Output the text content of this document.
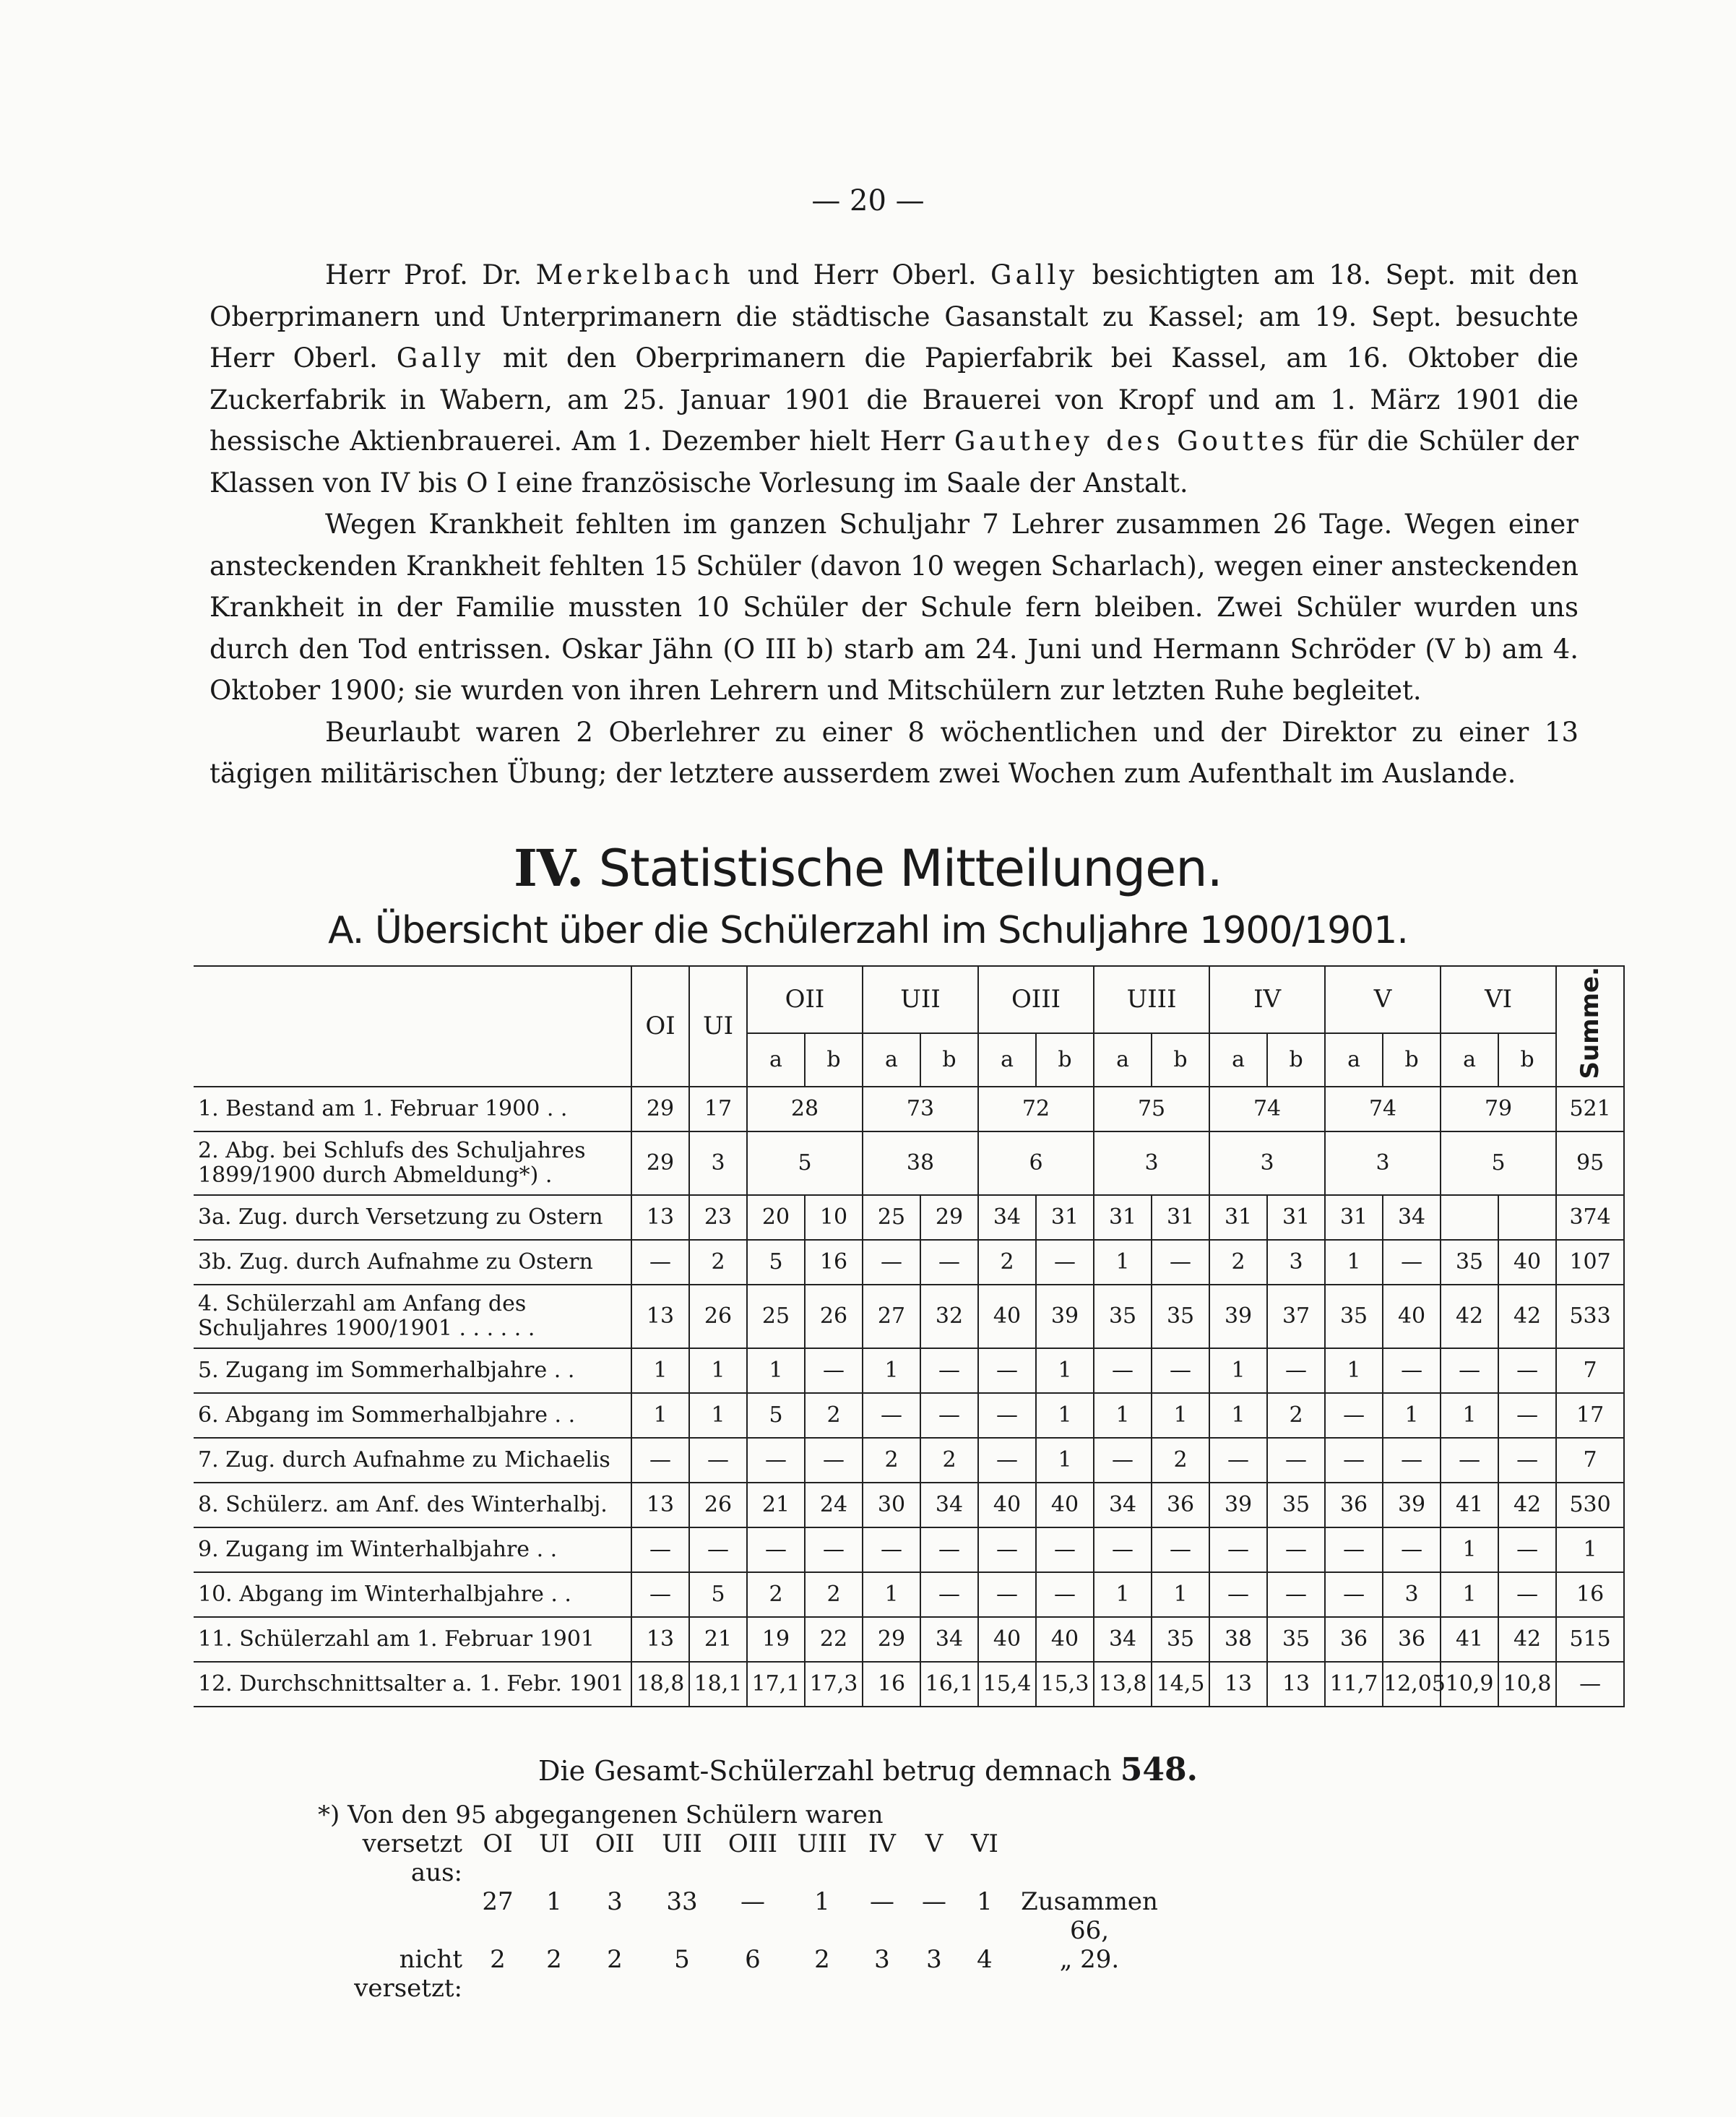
— 20 —

Herr Prof. Dr. Merkelbach und Herr Oberl. Gally besichtigten am 18. Sept. mit den Oberprimanern und Unterprimanern die städtische Gasanstalt zu Kassel; am 19. Sept. besuchte Herr Oberl. Gally mit den Oberprimanern die Papierfabrik bei Kassel, am 16. Oktober die Zuckerfabrik in Wabern, am 25. Januar 1901 die Brauerei von Kropf und am 1. März 1901 die hessische Aktienbrauerei. Am 1. Dezember hielt Herr Gauthey des Gouttes für die Schüler der Klassen von IV bis O I eine französische Vorlesung im Saale der Anstalt.

Wegen Krankheit fehlten im ganzen Schuljahr 7 Lehrer zusammen 26 Tage. Wegen einer ansteckenden Krankheit fehlten 15 Schüler (davon 10 wegen Scharlach), wegen einer ansteckenden Krankheit in der Familie mussten 10 Schüler der Schule fern bleiben. Zwei Schüler wurden uns durch den Tod entrissen. Oskar Jähn (O III b) starb am 24. Juni und Hermann Schröder (V b) am 4. Oktober 1900; sie wurden von ihren Lehrern und Mitschülern zur letzten Ruhe begleitet.

Beurlaubt waren 2 Oberlehrer zu einer 8 wöchentlichen und der Direktor zu einer 13 tägigen militärischen Übung; der letztere ausserdem zwei Wochen zum Aufenthalt im Auslande.

IV. Statistische Mitteilungen.
A. Übersicht über die Schülerzahl im Schuljahre 1900/1901.
	OI	UI	OII		UII		OIII		UIII		IV		V		VI		Summe.
			a	b	a	b	a	b	a	b	a	b	a	b	a	b	
1. Bestand am 1. Februar 1900 . .	29	17	28		73		72		75		74		74		79		521
2. Abg. bei Schlufs des Schuljahres 1899/1900 durch Abmeldung*) .	29	3	5		38		6		3		3		3		5		95
3a. Zug. durch Versetzung zu Ostern	13	23	20	10	25	29	34	31	31	31	31	31	31	34			374
3b. Zug. durch Aufnahme zu Ostern	—	2	5	16	—	—	2	—	1	—	2	3	1	—	35	40	107
4. Schülerzahl am Anfang des Schuljahres 1900/1901 . . . . . .	13	26	25	26	27	32	40	39	35	35	39	37	35	40	42	42	533
5. Zugang im Sommerhalbjahre . .	1	1	1	—	1	—	—	1	—	—	1	—	1	—	—	—	7
6. Abgang im Sommerhalbjahre . .	1	1	5	2	—	—	—	1	1	1	1	2	—	1	1	—	17
7. Zug. durch Aufnahme zu Michaelis	—	—	—	—	2	2	—	1	—	2	—	—	—	—	—	—	7
8. Schülerz. am Anf. des Winterhalbj.	13	26	21	24	30	34	40	40	34	36	39	35	36	39	41	42	530
9. Zugang im Winterhalbjahre . .	—	—	—	—	—	—	—	—	—	—	—	—	—	—	1	—	1
10. Abgang im Winterhalbjahre . .	—	5	2	2	1	—	—	—	1	1	—	—	—	3	1	—	16
11. Schülerzahl am 1. Februar 1901	13	21	19	22	29	34	40	40	34	35	38	35	36	36	41	42	515
12. Durchschnittsalter a. 1. Febr. 1901	18,8	18,1	17,1	17,3	16	16,1	15,4	15,3	13,8	14,5	13	13	11,7	12,05	10,9	10,8	—
Die Gesamt-Schülerzahl betrug demnach 548.
*) Von den 95 abgegangenen Schülern waren
versetzt aus:
OI	UI	OII	UII	OIII UIII IV	V	VI
27	1	3	33	—	1	—	—	1	Zusammen 66,
nicht versetzt:
2	2	2	5	6	2	3	3	4	„ 29.
